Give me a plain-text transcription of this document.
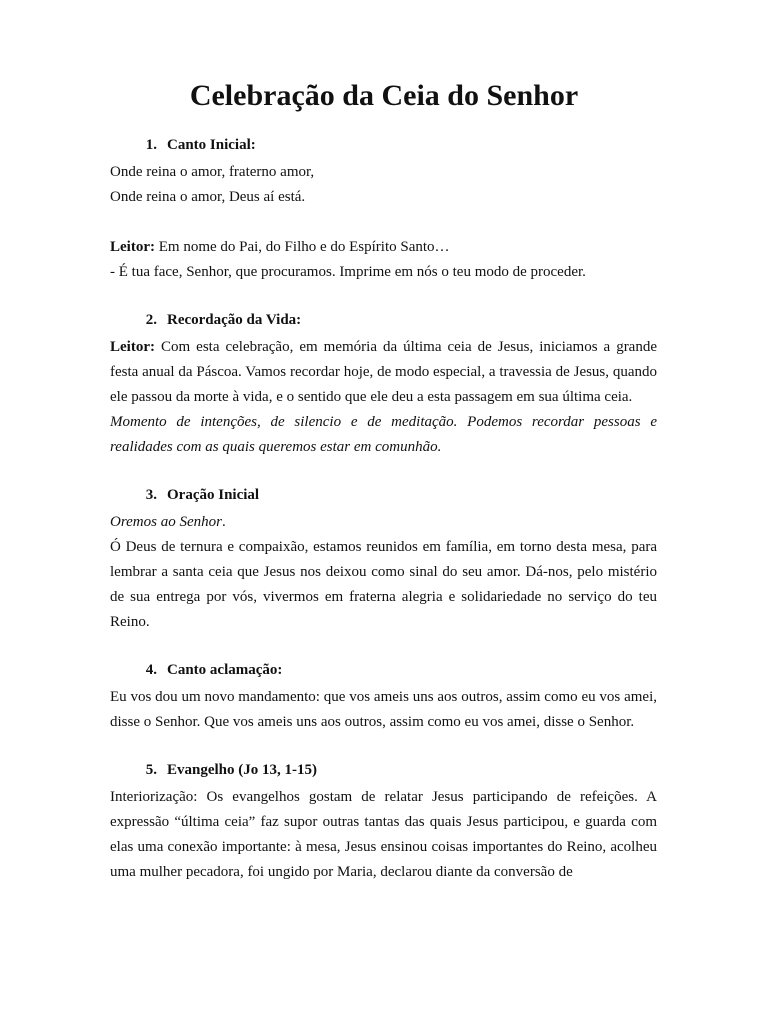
Celebração da Ceia do Senhor
1. Canto Inicial:

Onde reina o amor, fraterno amor,

Onde reina o amor, Deus aí está.

Leitor: Em nome do Pai, do Filho e do Espírito Santo…

- É tua face, Senhor, que procuramos. Imprime em nós o teu modo de proceder.

2. Recordação da Vida:

Leitor: Com esta celebração, em memória da última ceia de Jesus, iniciamos a grande festa anual da Páscoa. Vamos recordar hoje, de modo especial, a travessia de Jesus, quando ele passou da morte à vida, e o sentido que ele deu a esta passagem em sua última ceia.

Momento de intenções, de silencio e de meditação. Podemos recordar pessoas e realidades com as quais queremos estar em comunhão.

3. Oração Inicial

Oremos ao Senhor.

Ó Deus de ternura e compaixão, estamos reunidos em família, em torno desta mesa, para lembrar a santa ceia que Jesus nos deixou como sinal do seu amor. Dá-nos, pelo mistério de sua entrega por vós, vivermos em fraterna alegria e solidariedade no serviço do teu Reino.

4. Canto aclamação:

Eu vos dou um novo mandamento: que vos ameis uns aos outros, assim como eu vos amei, disse o Senhor. Que vos ameis uns aos outros, assim como eu vos amei, disse o Senhor.

5. Evangelho (Jo 13, 1-15)

Interiorização: Os evangelhos gostam de relatar Jesus participando de refeições. A expressão “última ceia” faz supor outras tantas das quais Jesus participou, e guarda com elas uma conexão importante: à mesa, Jesus ensinou coisas importantes do Reino, acolheu uma mulher pecadora, foi ungido por Maria, declarou diante da conversão de
